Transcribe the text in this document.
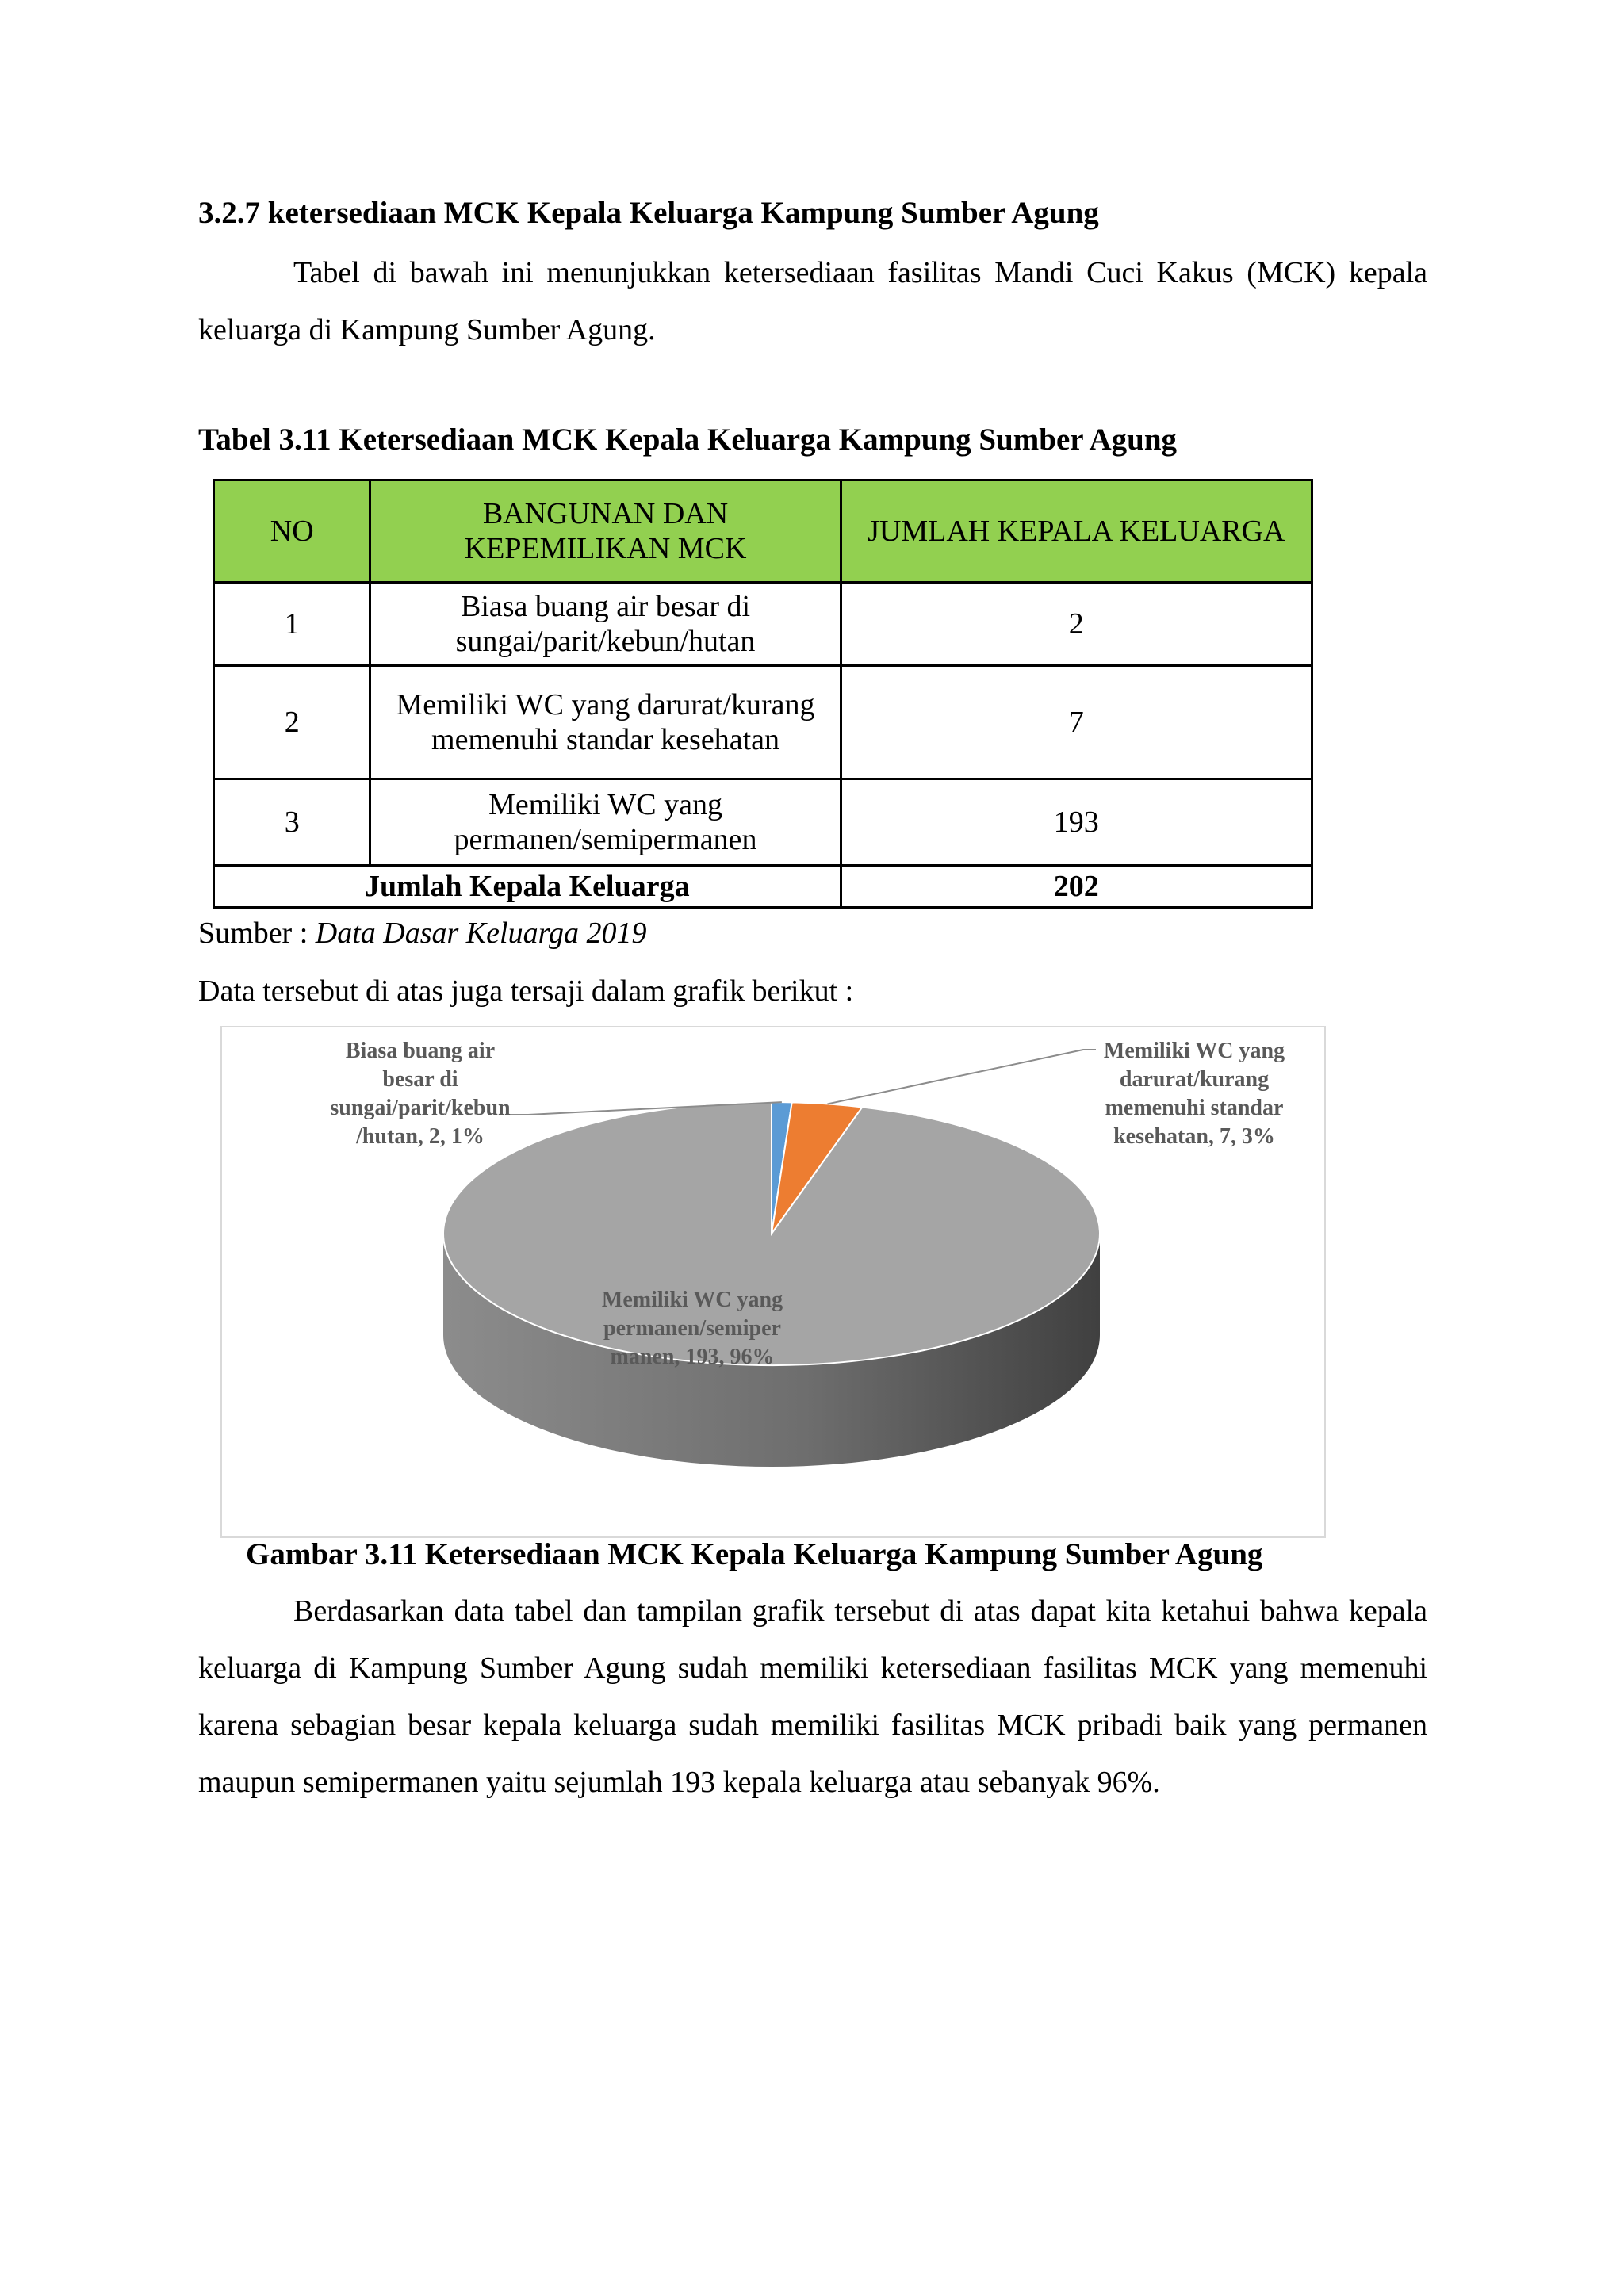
3.2.7 ketersediaan MCK Kepala Keluarga Kampung Sumber Agung
Tabel di bawah ini menunjukkan ketersediaan fasilitas Mandi Cuci Kakus (MCK) kepala keluarga di Kampung Sumber Agung.
Tabel 3.11 Ketersediaan MCK Kepala Keluarga Kampung Sumber Agung
NO	BANGUNAN DAN KEPEMILIKAN MCK	JUMLAH KEPALA KELUARGA
1	Biasa buang air besar di sungai/parit/kebun/hutan	2
2	Memiliki WC yang darurat/kurang memenuhi standar kesehatan	7
3	Memiliki WC yang permanen/semipermanen	193
Jumlah Kepala Keluarga		202
Sumber : Data Dasar Keluarga 2019
Data tersebut di atas juga tersaji dalam grafik berikut :
Biasa buang air besar di sungai/parit/kebun /hutan, 2, 1%
Memiliki WC yang darurat/kurang memenuhi standar kesehatan, 7, 3%
Memiliki WC yang permanen/semiper manen, 193, 96%
Gambar 3.11 Ketersediaan MCK Kepala Keluarga Kampung Sumber Agung
Berdasarkan data tabel dan tampilan grafik tersebut di atas dapat kita ketahui bahwa kepala keluarga di Kampung Sumber Agung sudah memiliki ketersediaan fasilitas MCK yang memenuhi karena sebagian besar kepala keluarga sudah memiliki fasilitas MCK pribadi baik yang permanen maupun semipermanen yaitu sejumlah 193 kepala keluarga atau sebanyak 96%.
